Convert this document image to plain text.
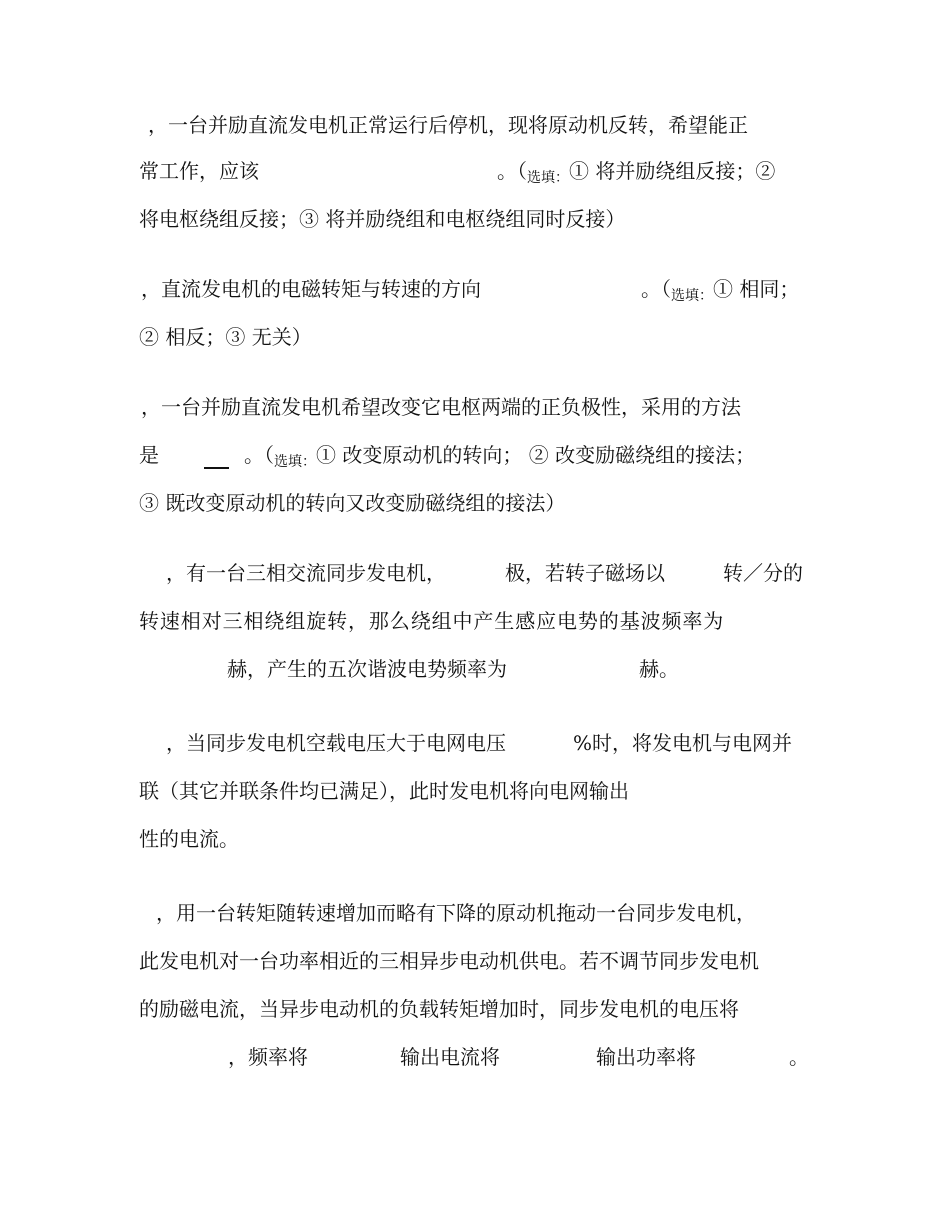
，一台并励直流发电机正常运行后停机，现将原动机反转，希望能正
常工作，应该	。（$_{选填:}①$ 将并励绕组反接；②
将电枢绕组反接；③ 将并励绕组和电枢绕组同时反接）
，直流发电机的电磁转矩与转速的方向	。（$_{选填:}①$ 相同；
② 相反；③ 无关）
，一台并励直流发电机希望改变它电枢两端的正负极性，采用的方法
是	。（$_{选填:}①$ 改变原动机的转向； ② 改变励磁绕组的接法；
③ 既改变原动机的转向又改变励磁绕组的接法）
，有一台三相交流同步发电机，	极，若转子磁场以	转／分的
转速相对三相绕组旋转，那么绕组中产生感应电势的基波频率为
赫，产生的五次谐波电势频率为	赫。
，当同步发电机空载电压大于电网电压	%时，将发电机与电网并
联（其它并联条件均已满足），此时发电机将向电网输出
性的电流。
，用一台转矩随转速增加而略有下降的原动机拖动一台同步发电机，
此发电机对一台功率相近的三相异步电动机供电。若不调节同步发电机
的励磁电流，当异步电动机的负载转矩增加时，同步发电机的电压将
，频率将	输出电流将	输出功率将	。
